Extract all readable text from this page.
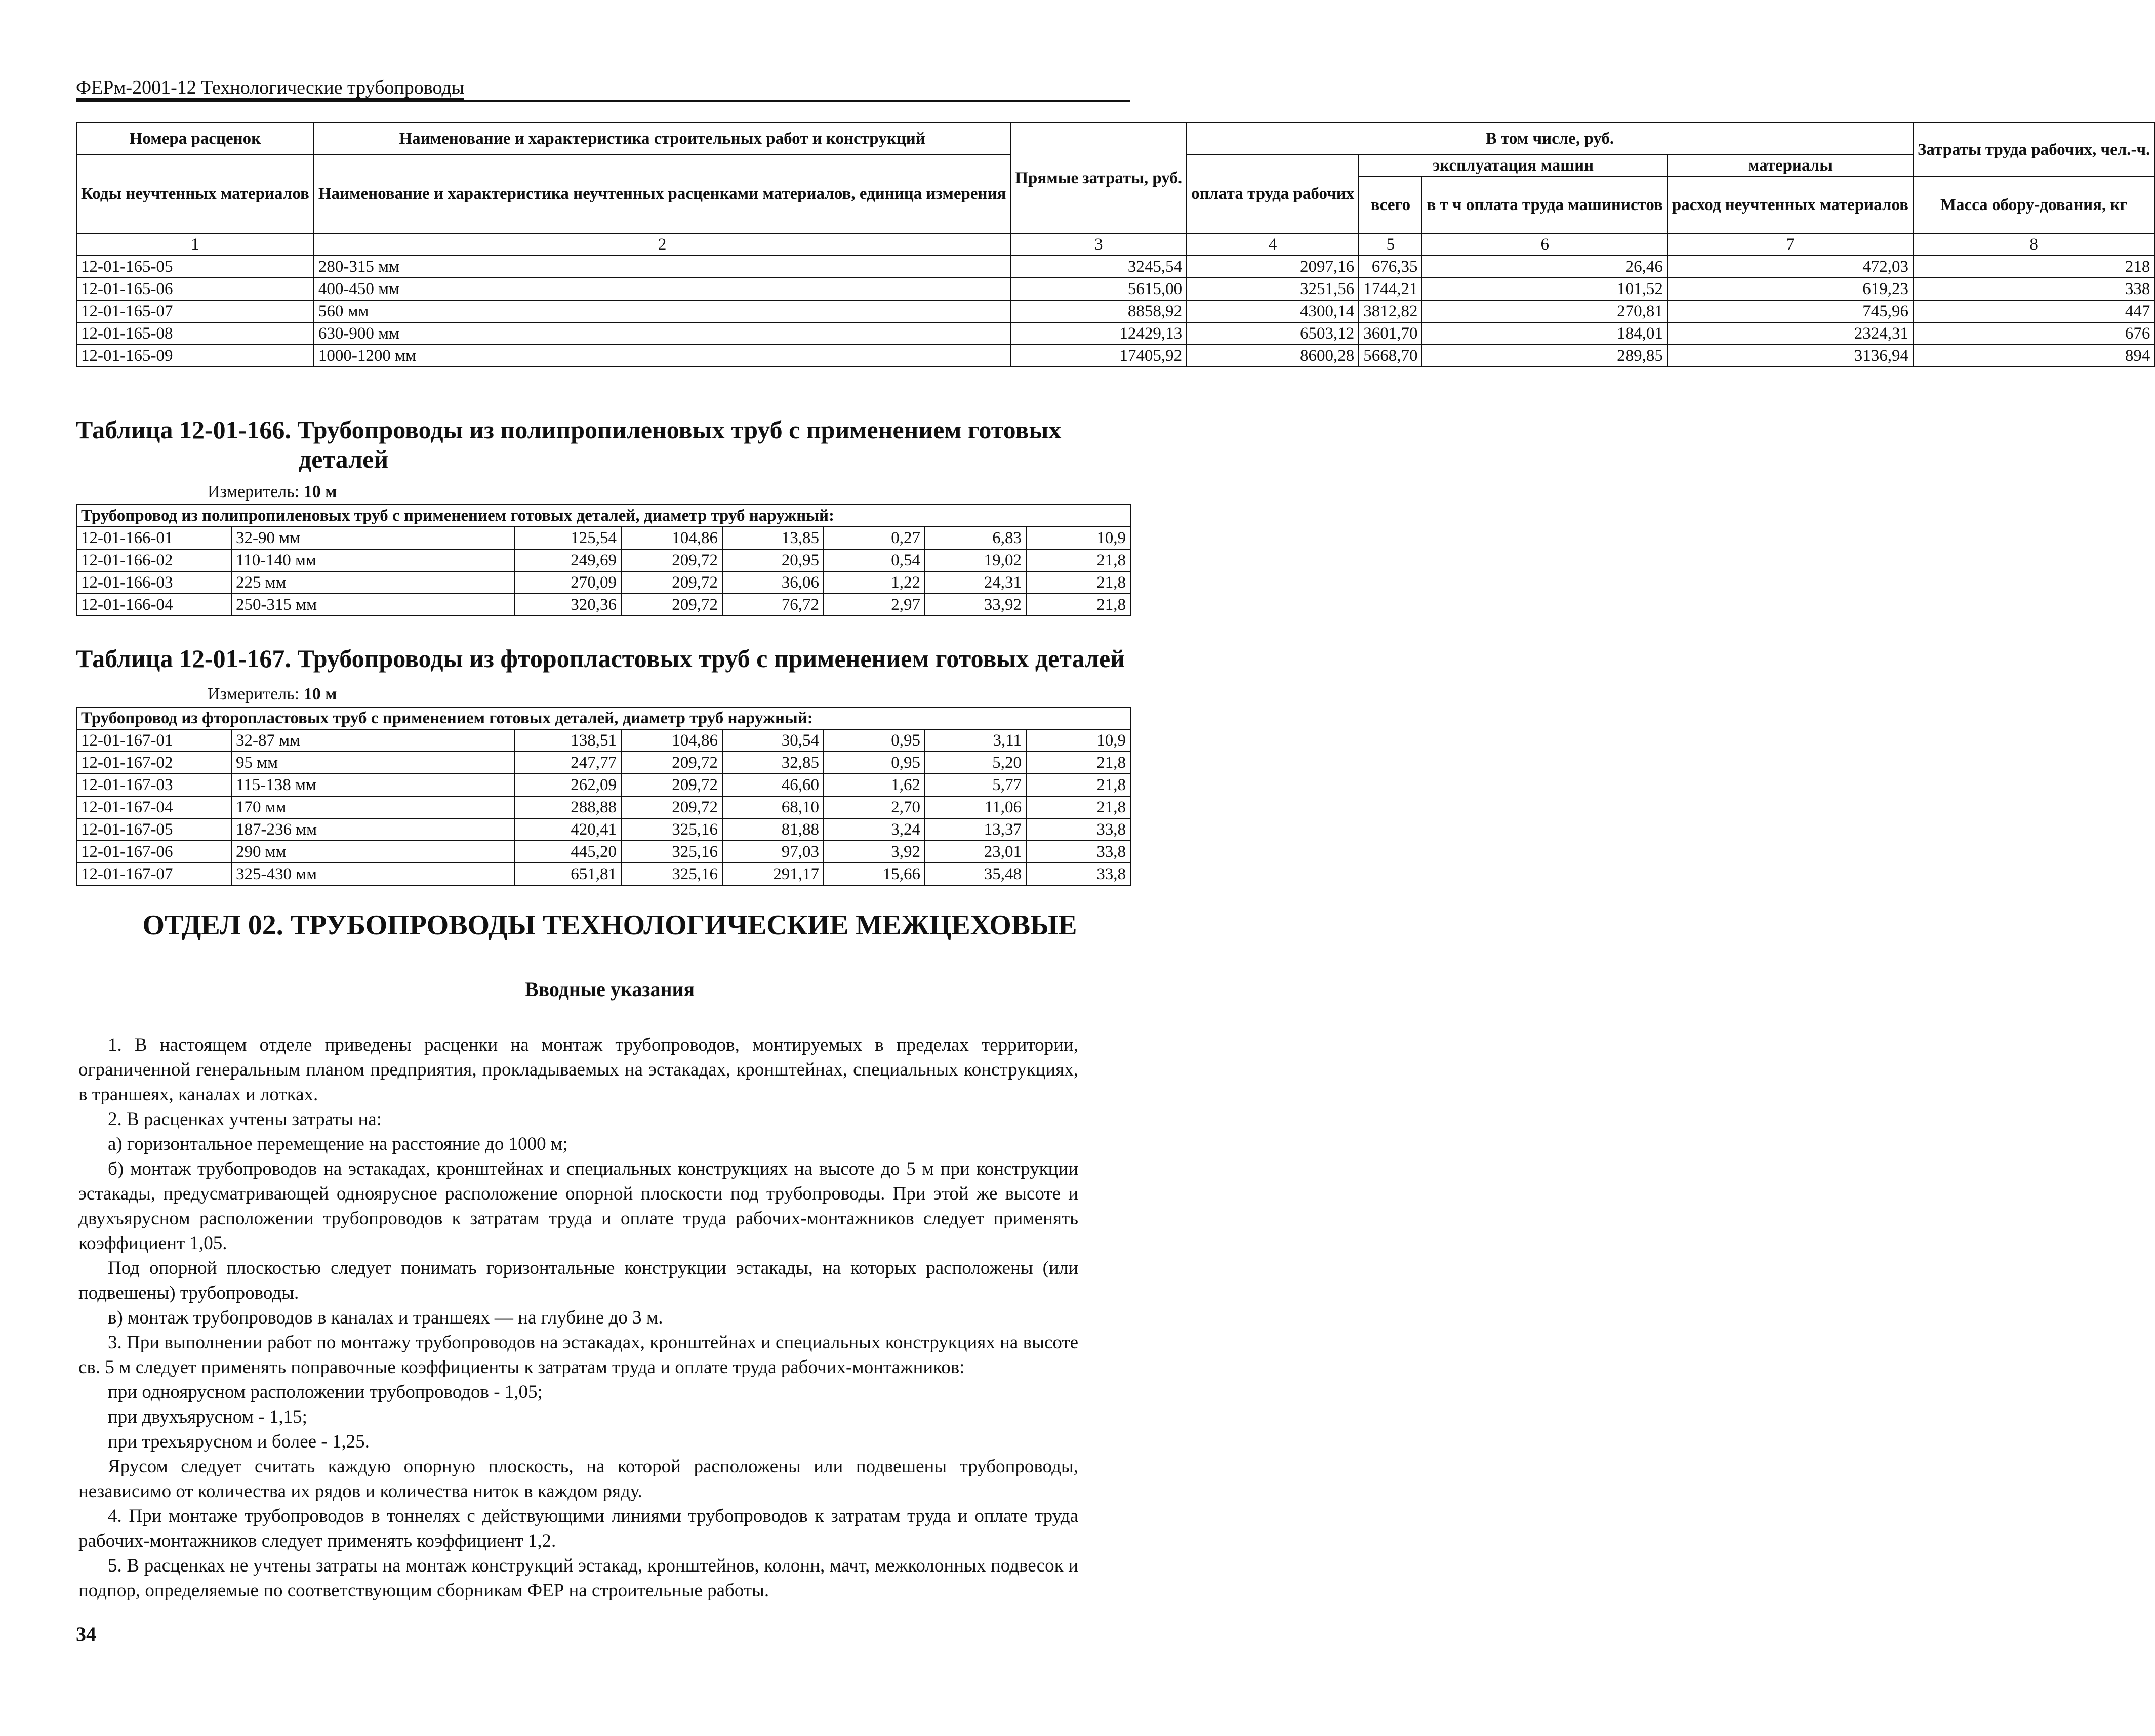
ФЕРм-2001-12 Технологические трубопроводы
Номера расценок	Наименование и характеристика строительных работ и конструкций	Прямые затраты, руб.	В том числе, руб.				Затраты труда рабочих, чел.-ч.
Коды неучтенных материалов	Наименование и характеристика неучтенных расценками материалов, единица измерения		оплата труда рабочих	эксплуатация машин		материалы	
				всего	в т ч оплата труда машинистов	расход неучтенных материалов	Масса обору-дования, кг
1	2	3	4	5	6	7	8
12-01-165-05	280-315 мм	3245,54	2097,16	676,35	26,46	472,03	218
12-01-165-06	400-450 мм	5615,00	3251,56	1744,21	101,52	619,23	338
12-01-165-07	560 мм	8858,92	4300,14	3812,82	270,81	745,96	447
12-01-165-08	630-900 мм	12429,13	6503,12	3601,70	184,01	2324,31	676
12-01-165-09	1000-1200 мм	17405,92	8600,28	5668,70	289,85	3136,94	894
Таблица 12-01-166. Трубопроводы из полипропиленовых труб с применением готовых
деталей
Измеритель: 10 м
Трубопровод из полипропиленовых труб с применением готовых деталей, диаметр труб наружный:							
12-01-166-01	32-90 мм	125,54	104,86	13,85	0,27	6,83	10,9
12-01-166-02	110-140 мм	249,69	209,72	20,95	0,54	19,02	21,8
12-01-166-03	225 мм	270,09	209,72	36,06	1,22	24,31	21,8
12-01-166-04	250-315 мм	320,36	209,72	76,72	2,97	33,92	21,8
Таблица 12-01-167. Трубопроводы из фторопластовых труб с применением готовых деталей
Измеритель: 10 м
Трубопровод из фторопластовых труб с применением готовых деталей, диаметр труб наружный:							
12-01-167-01	32-87 мм	138,51	104,86	30,54	0,95	3,11	10,9
12-01-167-02	95 мм	247,77	209,72	32,85	0,95	5,20	21,8
12-01-167-03	115-138 мм	262,09	209,72	46,60	1,62	5,77	21,8
12-01-167-04	170 мм	288,88	209,72	68,10	2,70	11,06	21,8
12-01-167-05	187-236 мм	420,41	325,16	81,88	3,24	13,37	33,8
12-01-167-06	290 мм	445,20	325,16	97,03	3,92	23,01	33,8
12-01-167-07	325-430 мм	651,81	325,16	291,17	15,66	35,48	33,8
ОТДЕЛ 02. ТРУБОПРОВОДЫ ТЕХНОЛОГИЧЕСКИЕ МЕЖЦЕХОВЫЕ
Вводные указания

1. В настоящем отделе приведены расценки на монтаж трубопроводов, монтируемых в пределах территории, ограниченной генеральным планом предприятия, прокладываемых на эстакадах, кронштейнах, специальных конструкциях, в траншеях, каналах и лотках.

2. В расценках учтены затраты на:

а) горизонтальное перемещение на расстояние до 1000 м;

б) монтаж трубопроводов на эстакадах, кронштейнах и специальных конструкциях на высоте до 5 м при конструкции эстакады, предусматривающей одноярусное расположение опорной плоскости под трубопроводы. При этой же высоте и двухъярусном расположении трубопроводов к затратам труда и оплате труда рабочих-монтажников следует применять коэффициент 1,05.

Под опорной плоскостью следует понимать горизонтальные конструкции эстакады, на которых расположены (или подвешены) трубопроводы.

в) монтаж трубопроводов в каналах и траншеях — на глубине до 3 м.

3. При выполнении работ по монтажу трубопроводов на эстакадах, кронштейнах и специальных конструкциях на высоте св. 5 м следует применять поправочные коэффициенты к затратам труда и оплате труда рабочих-монтажников:

при одноярусном расположении трубопроводов - 1,05;

при двухъярусном - 1,15;

при трехъярусном и более - 1,25.

Ярусом следует считать каждую опорную плоскость, на которой расположены или подвешены трубопроводы, независимо от количества их рядов и количества ниток в каждом ряду.

4. При монтаже трубопроводов в тоннелях с действующими линиями трубопроводов к затратам труда и оплате труда рабочих-монтажников следует применять коэффициент 1,2.

5. В расценках не учтены затраты на монтаж конструкций эстакад, кронштейнов, колонн, мачт, межколонных подвесок и подпор, определяемые по соответствующим сборникам ФЕР на строительные работы.

34
